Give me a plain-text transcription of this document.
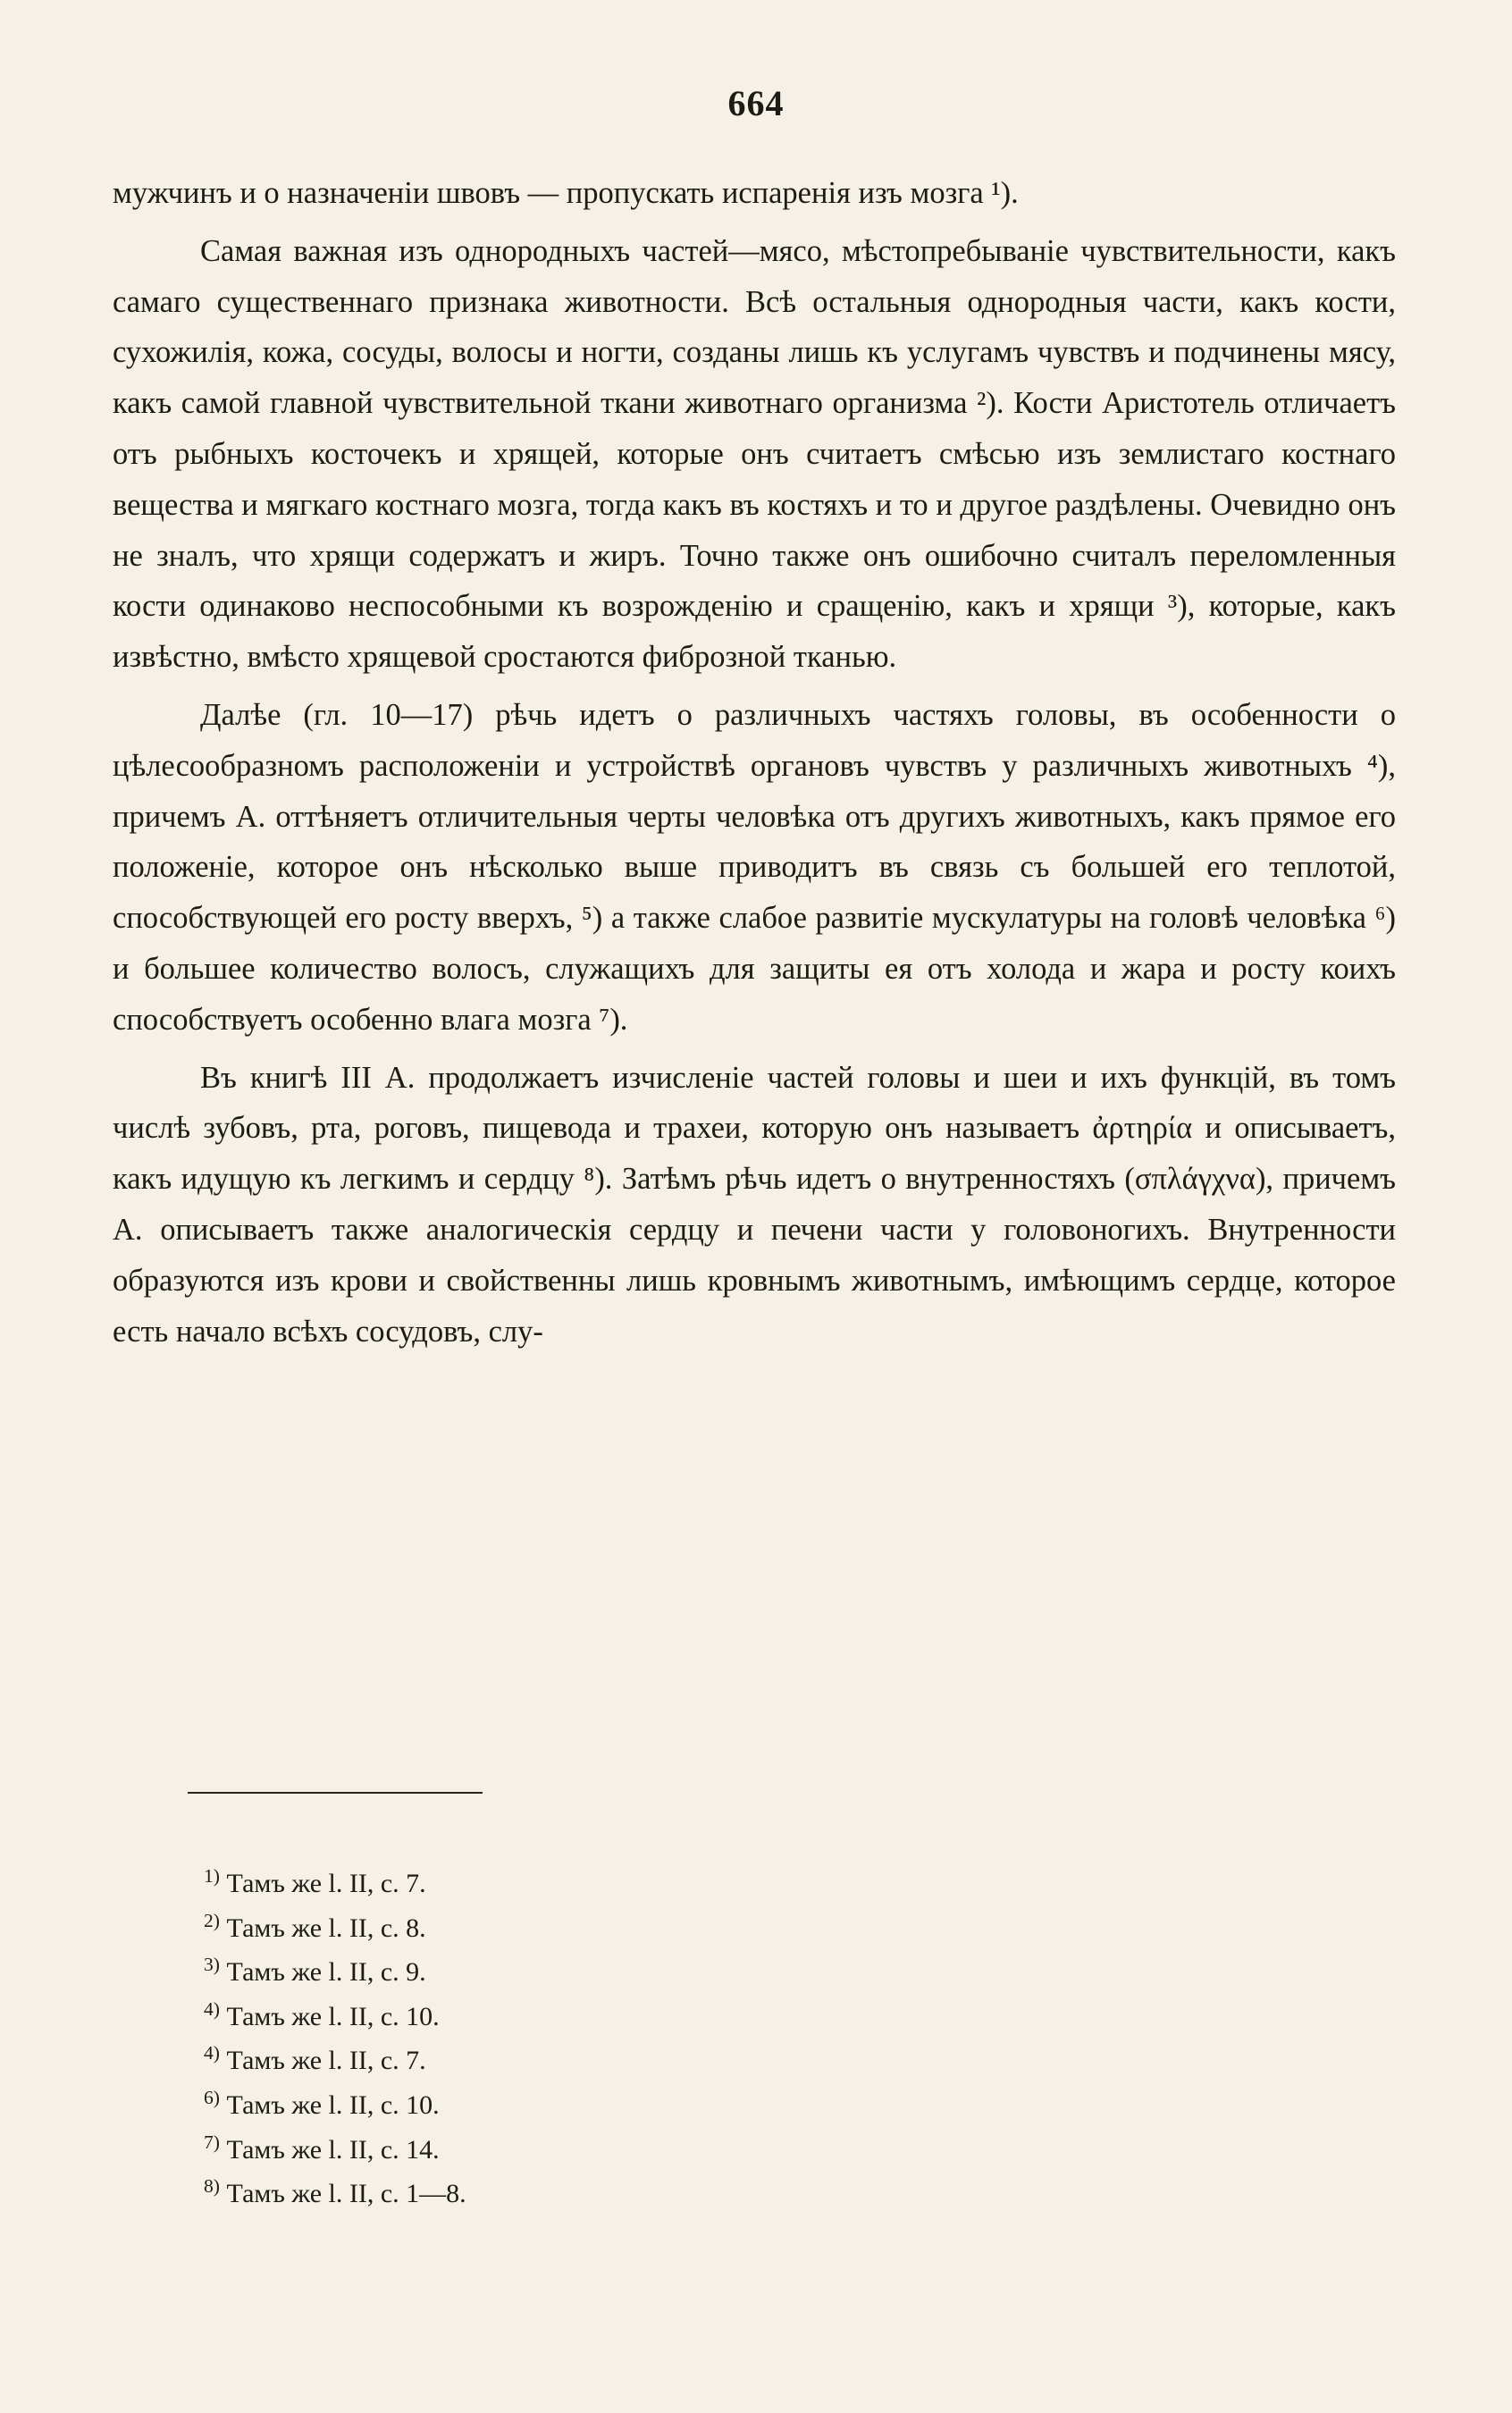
664

мужчинъ и о назначенiи швовъ — пропускать испаренiя изъ мозга ¹).

Самая важная изъ однородныхъ частей—мясо, мѣстопребыванiе чувствительности, какъ самаго существеннаго признака животности. Всѣ остальныя однородныя части, какъ кости, сухожилiя, кожа, сосуды, волосы и ногти, созданы лишь къ услугамъ чувствъ и подчинены мясу, какъ самой главной чувствительной ткани животнаго организма ²). Кости Аристотель отличаетъ отъ рыбныхъ косточекъ и хрящей, которые онъ считаетъ смѣсью изъ землистаго костнаго вещества и мягкаго костнаго мозга, тогда какъ въ костяхъ и то и другое раздѣлены. Очевидно онъ не зналъ, что хрящи содержатъ и жиръ. Точно также онъ ошибочно считалъ переломленныя кости одинаково неспособными къ возрожденiю и сращенiю, какъ и хрящи ³), которые, какъ извѣстно, вмѣсто хрящевой сростаются фиброзной тканью.

Далѣе (гл. 10—17) рѣчь идетъ о различныхъ частяхъ головы, въ особенности о цѣлесообразномъ расположенiи и устройствѣ органовъ чувствъ у различныхъ животныхъ ⁴), причемъ А. оттѣняетъ отличительныя черты человѣка отъ другихъ животныхъ, какъ прямое его положенiе, которое онъ нѣсколько выше приводитъ въ связь съ большей его теплотой, способствующей его росту вверхъ, ⁵) а также слабое развитiе мускулатуры на головѣ человѣка ⁶) и большее количество волосъ, служащихъ для защиты ея отъ холода и жара и росту коихъ способствуетъ особенно влага мозга ⁷).

Въ книгѣ III А. продолжаетъ изчисленiе частей головы и шеи и ихъ функцiй, въ томъ числѣ зубовъ, рта, роговъ, пищевода и трахеи, которую онъ называетъ ἀρτηρία и описываетъ, какъ идущую къ легкимъ и сердцу ⁸). Затѣмъ рѣчь идетъ о внутренностяхъ (σπλάγχνα), причемъ А. описываетъ также аналогическiя сердцу и печени части у головоногихъ. Внутренности образуются изъ крови и свойственны лишь кровнымъ животнымъ, имѣющимъ сердце, которое есть начало всѣхъ сосудовъ, слу-

$^{1)}$ Тамъ же l. II, с. 7.
$^{2)}$ Тамъ же l. II, с. 8.
$^{3)}$ Тамъ же l. II, с. 9.
$^{4)}$ Тамъ же l. II, с. 10.
$^{4)}$ Тамъ же l. II, с. 7.
$^{6)}$ Тамъ же l. II, с. 10.
$^{7)}$ Тамъ же l. II, с. 14.
$^{8)}$ Тамъ же l. II, с. 1—8.
